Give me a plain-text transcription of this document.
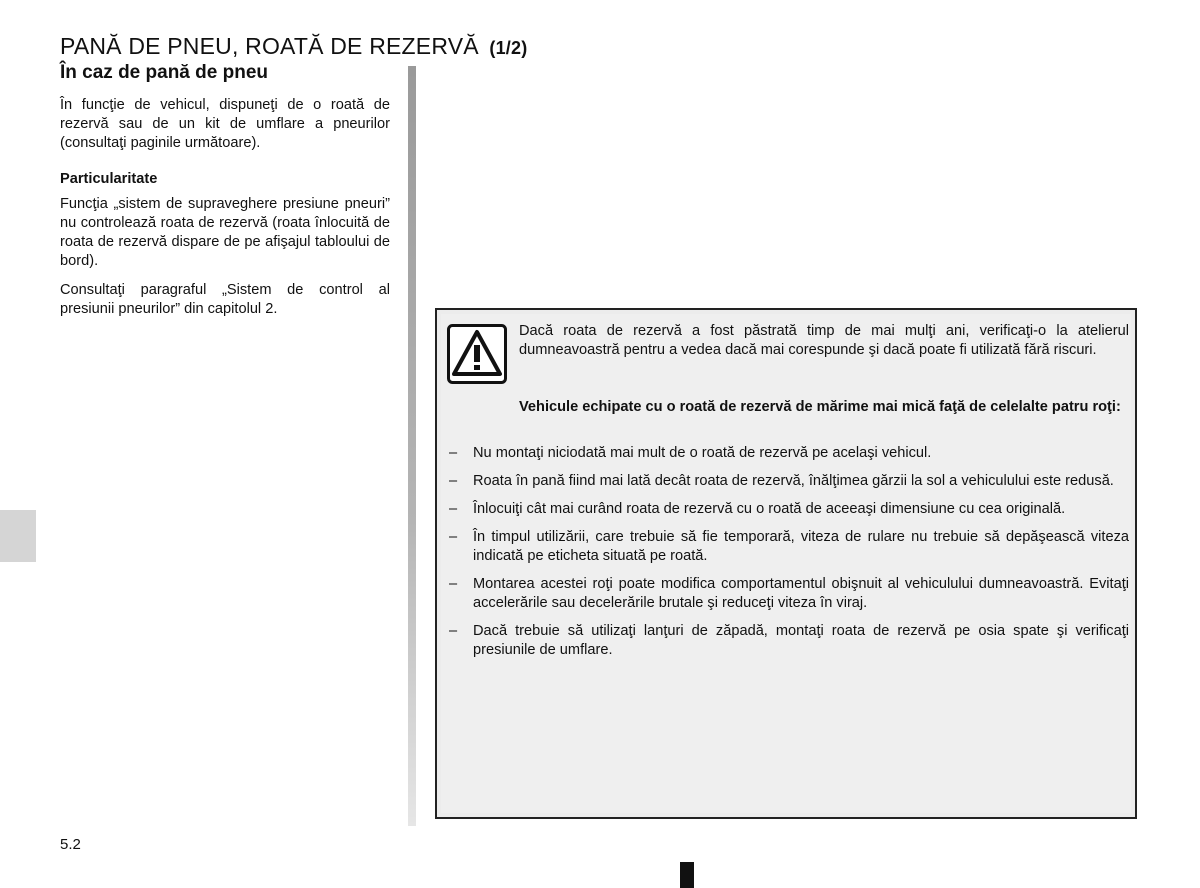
PANĂ DE PNEU, ROATĂ DE REZERVĂ (1/2)
În caz de pană de pneu

În funcţie de vehicul, dispuneţi de o roată de rezervă sau de un kit de umflare a pneurilor (consultaţi paginile următoare).

Particularitate

Funcţia „sistem de supraveghere presiune pneuri” nu controlează roata de rezervă (roata înlocuită de roata de rezervă dispare de pe afişajul tabloului de bord).

Consultaţi paragraful „Sistem de control al presiunii pneurilor” din capitolul 2.

Dacă roata de rezervă a fost păstrată timp de mai mulţi ani, verificaţi-o la atelierul dumneavoastră pentru a vedea dacă mai corespunde şi dacă poate fi utilizată fără riscuri.
Vehicule echipate cu o roată de rezervă de mărime mai mică faţă de celelalte patru roţi:
– Nu montaţi niciodată mai mult de o roată de rezervă pe acelaşi vehicul.
– Roata în pană fiind mai lată decât roata de rezervă, înălţimea gărzii la sol a vehiculului este redusă.
– Înlocuiţi cât mai curând roata de rezervă cu o roată de aceeaşi dimensiune cu cea originală.
– În timpul utilizării, care trebuie să fie temporară, viteza de rulare nu trebuie să depăşească viteza indicată pe eticheta situată pe roată.
– Montarea acestei roţi poate modifica comportamentul obişnuit al vehiculului dumneavoastră. Evitaţi accelerările sau decelerările brutale şi reduceţi viteza în viraj.
– Dacă trebuie să utilizaţi lanţuri de zăpadă, montaţi roata de rezervă pe osia spate şi verificaţi presiunile de umflare.
5.2
